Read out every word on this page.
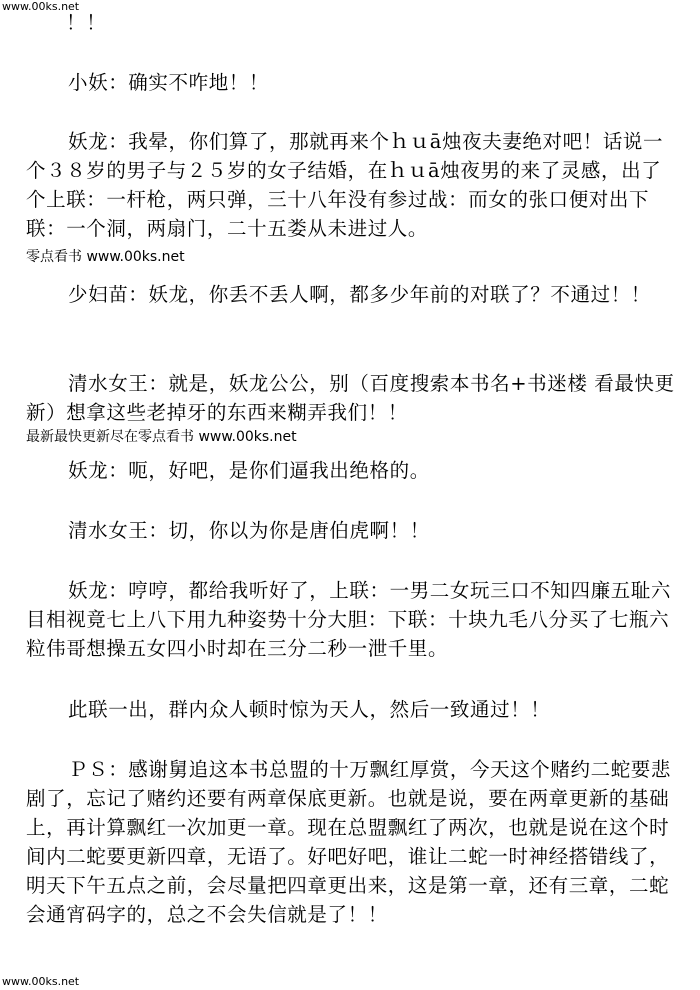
www.00ks.net

！！

小妖：确实不咋地！！

妖龙：我晕，你们算了，那就再来个ｈｕā烛夜夫妻绝对吧！话说一个３８岁的男子与２５岁的女子结婚，在ｈｕā烛夜男的来了灵感，出了个上联：一杆枪，两只弹，三十八年没有参过战：而女的张口便对出下联：一个洞，两扇门，二十五娄从未进过人。

零点看书 www.00ks.net

少妇苗：妖龙，你丢不丢人啊，都多少年前的对联了？不通过！！

清水女王：就是，妖龙公公，别（百度搜索本书名+书迷楼 看最快更新）想拿这些老掉牙的东西来糊弄我们！！

最新最快更新尽在零点看书 www.00ks.net

妖龙：呃，好吧，是你们逼我出绝格的。

清水女王：切，你以为你是唐伯虎啊！！

妖龙：哼哼，都给我听好了，上联：一男二女玩三口不知四廉五耻六目相视竟七上八下用九种姿势十分大胆：下联：十块九毛八分买了七瓶六粒伟哥想操五女四小时却在三分二秒一泄千里。

此联一出，群内众人顿时惊为天人，然后一致通过！！

ＰＳ：感谢舅追这本书总盟的十万飘红厚赏，今天这个赌约二蛇要悲剧了，忘记了赌约还要有两章保底更新。也就是说，要在两章更新的基础上，再计算飘红一次加更一章。现在总盟飘红了两次，也就是说在这个时间内二蛇要更新四章，无语了。好吧好吧，谁让二蛇一时神经搭错线了，明天下午五点之前，会尽量把四章更出来，这是第一章，还有三章，二蛇会通宵码字的，总之不会失信就是了！！

www.00ks.net
